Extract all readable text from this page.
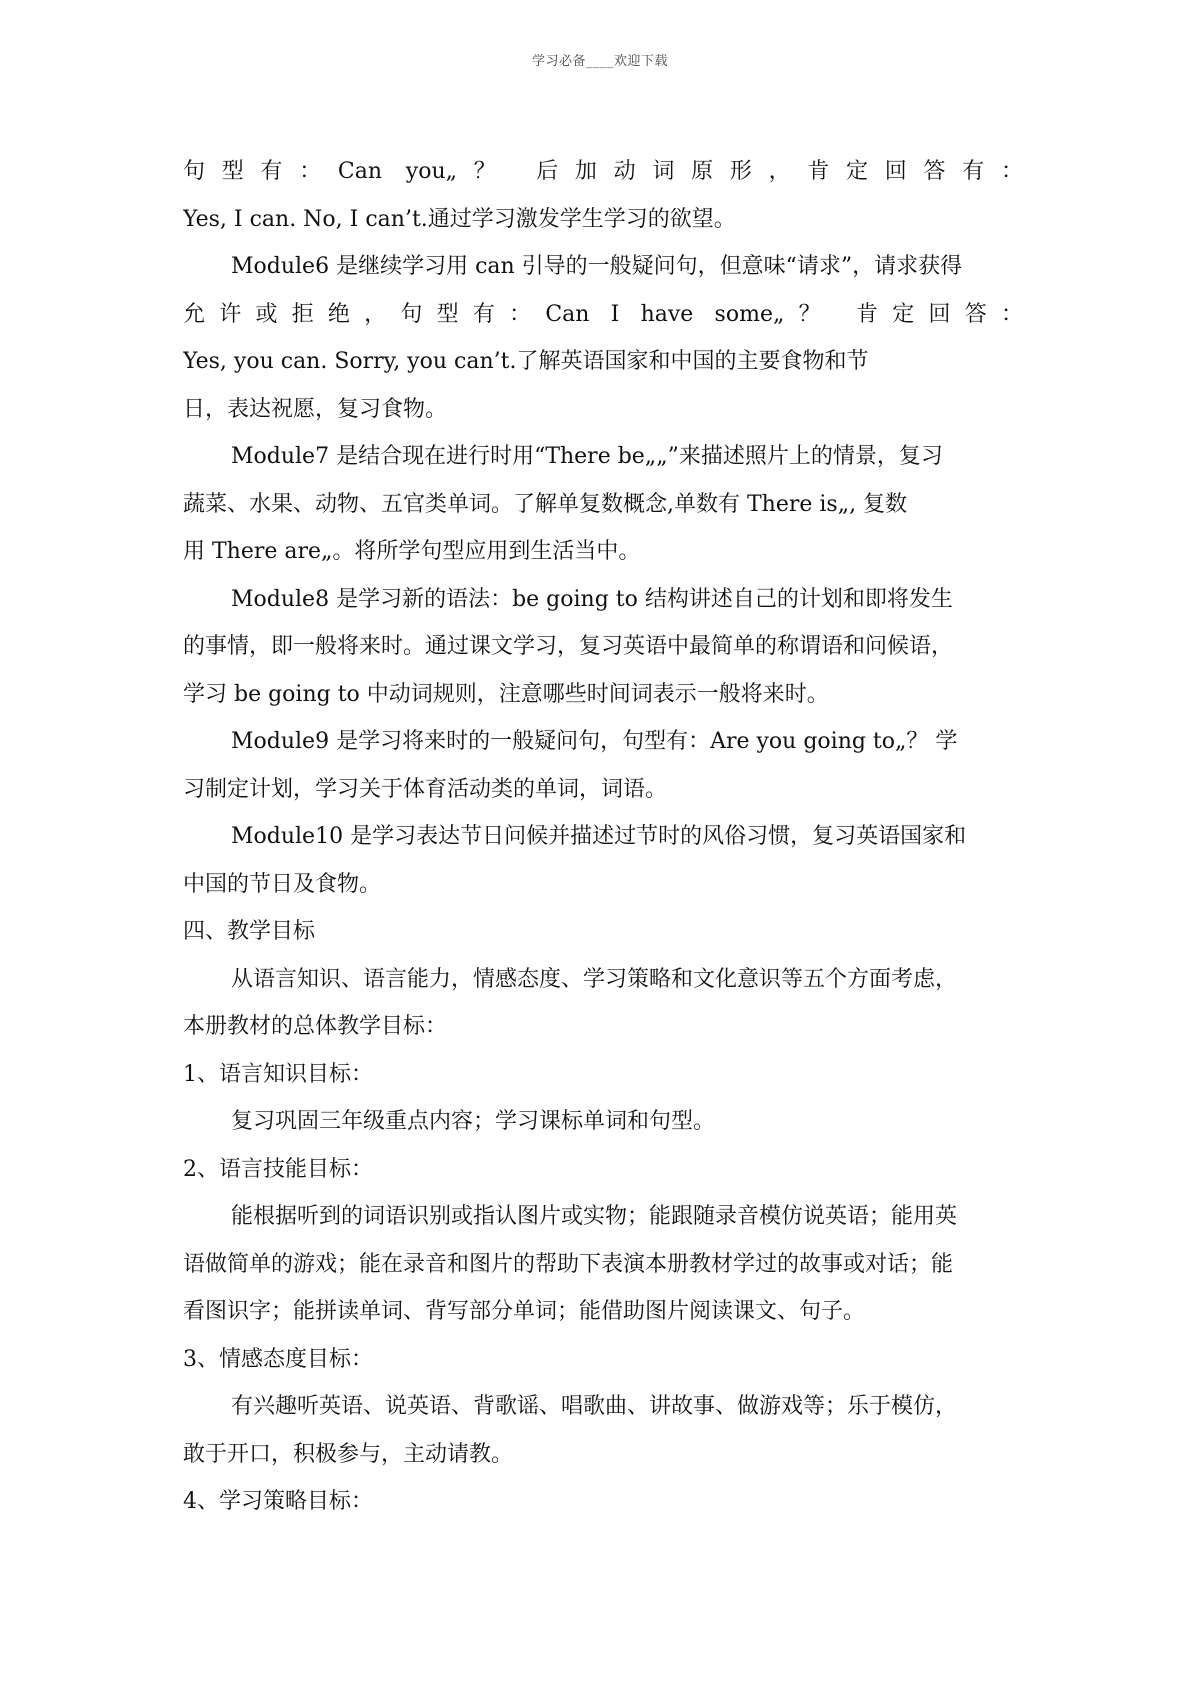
学习必备____欢迎下载
句型有：Can you„？ 后加动词原形，肯定回答有：
Yes, I can. No, I can’t.通过学习激发学生学习的欲望。
Module6 是继续学习用 can 引导的一般疑问句，但意味“请求”，请求获得
允许或拒绝，句型有：Can I have some„？ 肯定回答：
Yes, you can. Sorry, you can’t.了解英语国家和中国的主要食物和节
日，表达祝愿，复习食物。
Module7 是结合现在进行时用“There be„„”来描述照片上的情景，复习
蔬菜、水果、动物、五官类单词。了解单复数概念,单数有 There is„, 复数
用 There are„。将所学句型应用到生活当中。
Module8 是学习新的语法：be going to 结构讲述自己的计划和即将发生
的事情，即一般将来时。通过课文学习，复习英语中最简单的称谓语和问候语，
学习 be going to 中动词规则，注意哪些时间词表示一般将来时。
Module9 是学习将来时的一般疑问句，句型有：Are you going to„？ 学
习制定计划，学习关于体育活动类的单词，词语。
Module10 是学习表达节日问候并描述过节时的风俗习惯，复习英语国家和
中国的节日及食物。
四、教学目标
从语言知识、语言能力，情感态度、学习策略和文化意识等五个方面考虑，
本册教材的总体教学目标：
1、语言知识目标：
复习巩固三年级重点内容；学习课标单词和句型。
2、语言技能目标：
能根据听到的词语识别或指认图片或实物；能跟随录音模仿说英语；能用英
语做简单的游戏；能在录音和图片的帮助下表演本册教材学过的故事或对话；能
看图识字；能拼读单词、背写部分单词；能借助图片阅读课文、句子。
3、情感态度目标：
有兴趣听英语、说英语、背歌谣、唱歌曲、讲故事、做游戏等；乐于模仿，
敢于开口，积极参与，主动请教。
4、学习策略目标：
